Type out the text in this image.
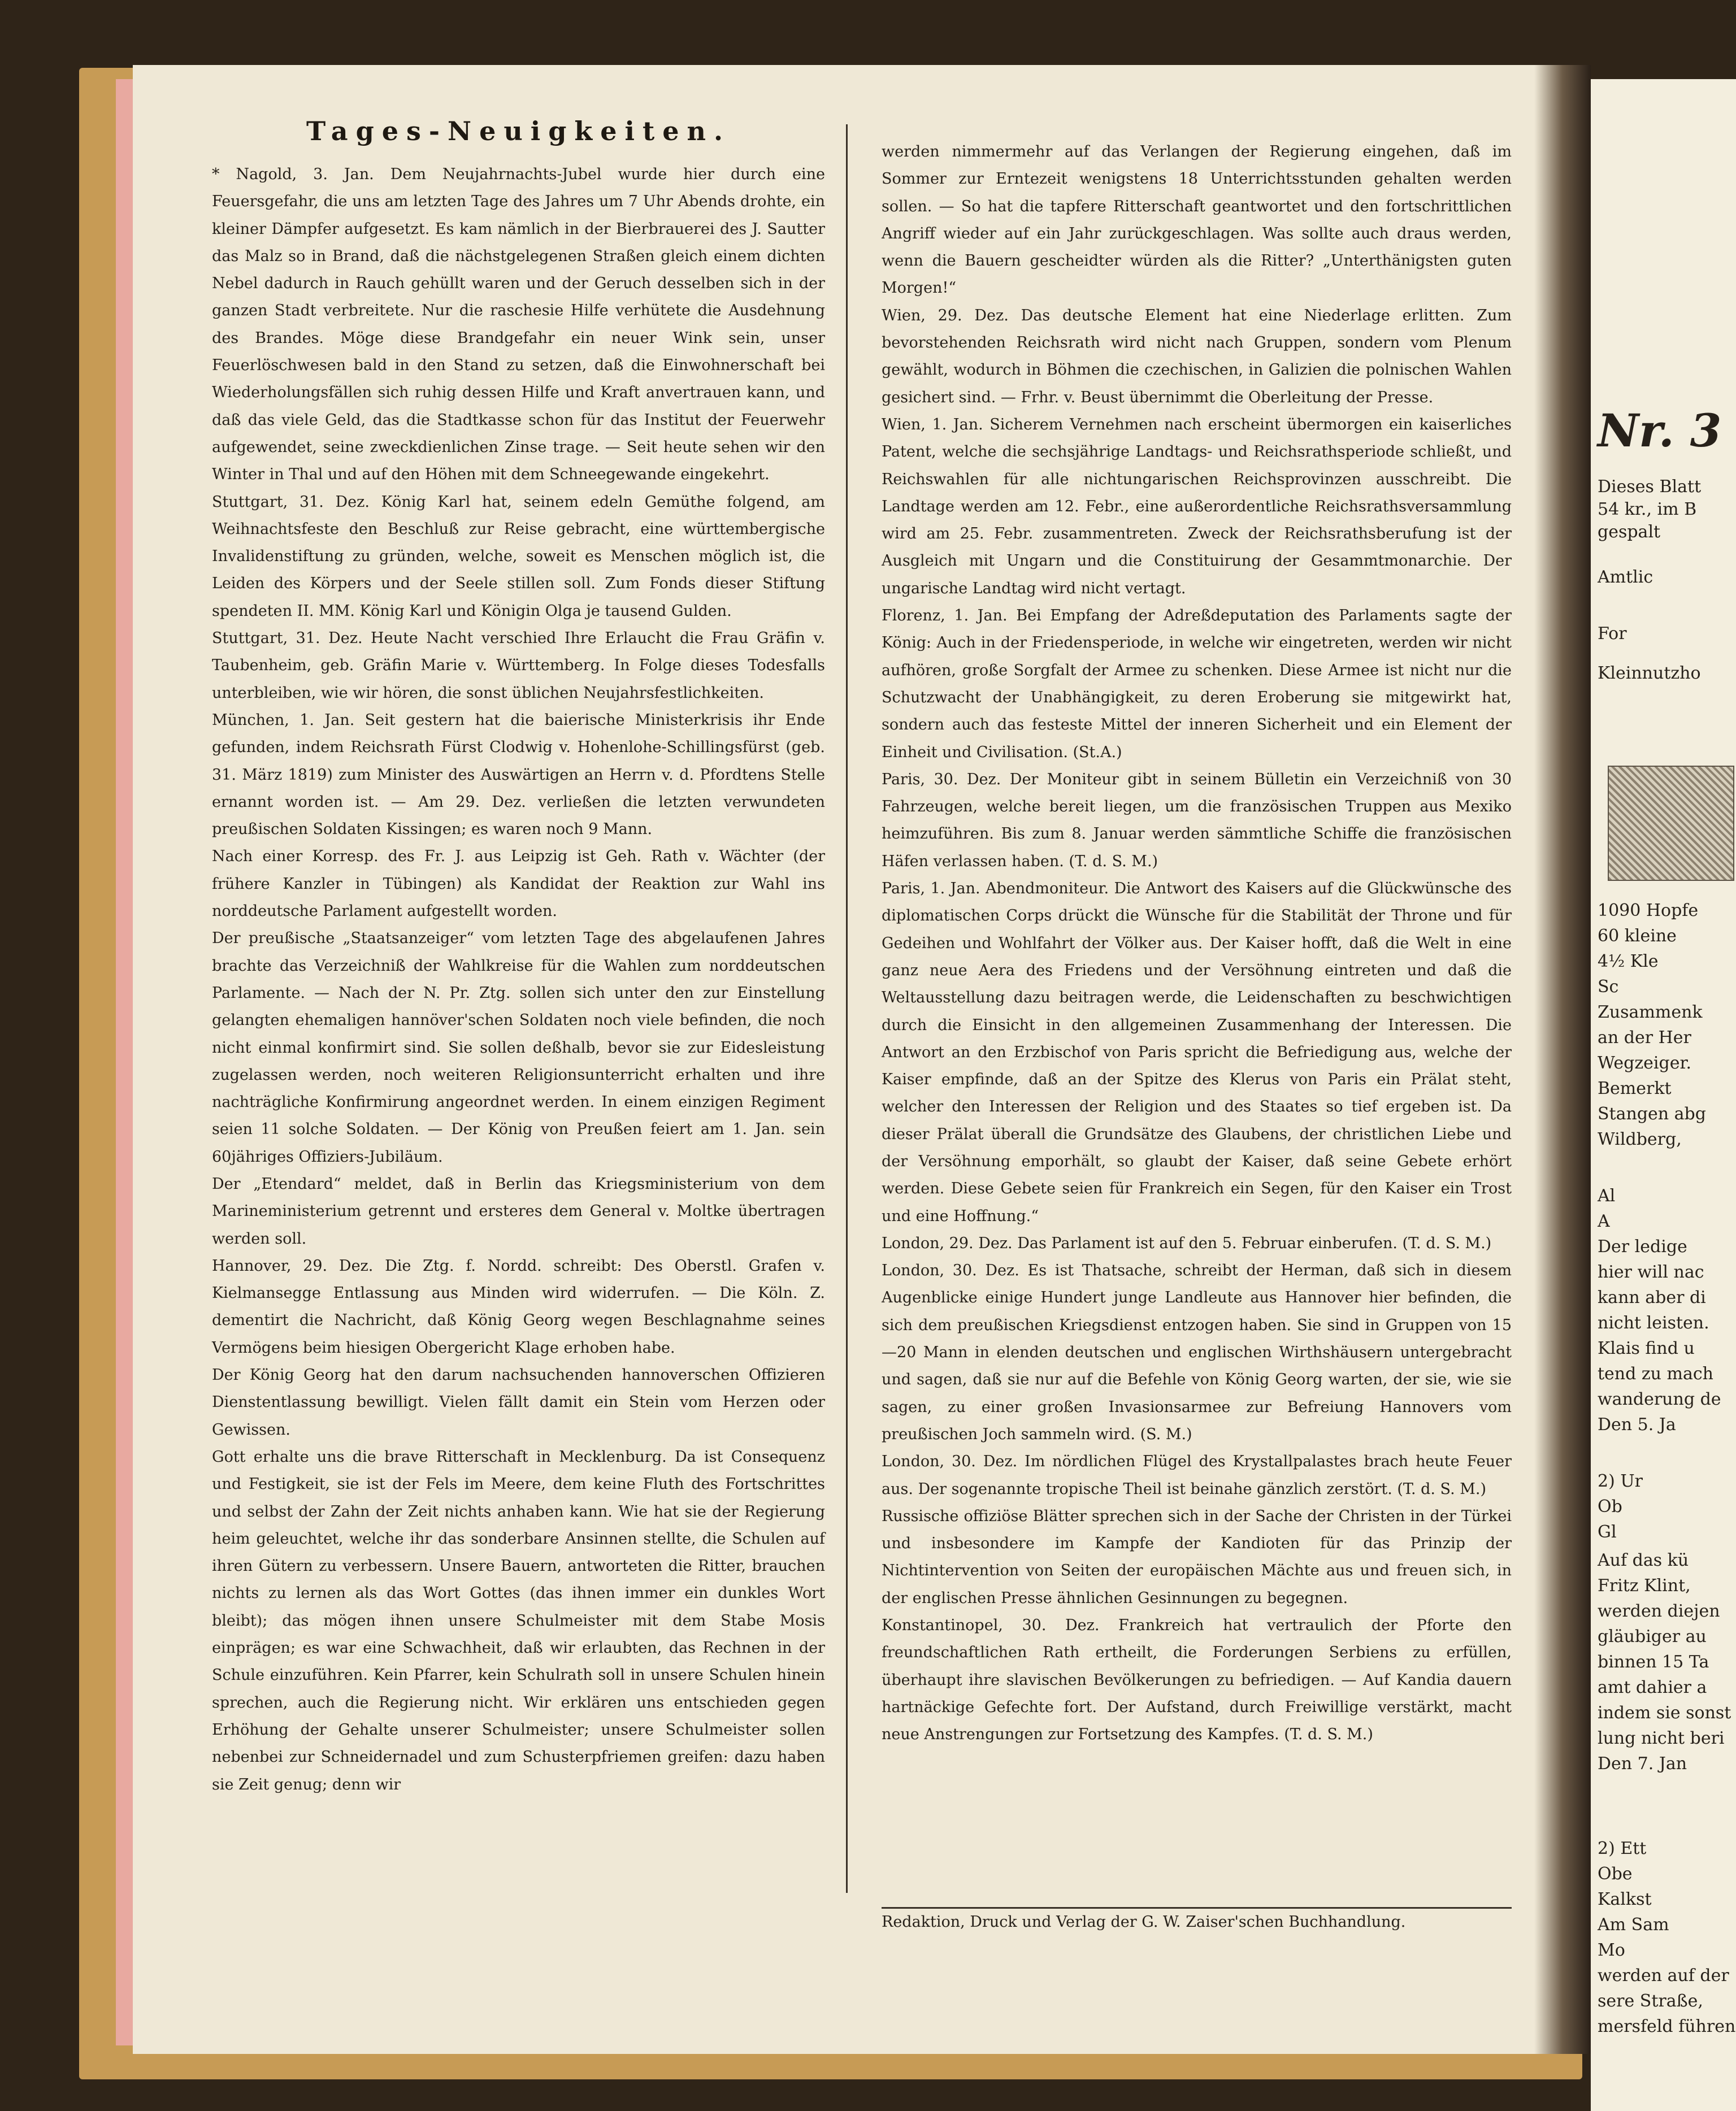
Tages-Neuigkeiten.

* Nagold, 3. Jan. Dem Neujahrnachts-Jubel wurde hier durch eine Feuersgefahr, die uns am letzten Tage des Jahres um 7 Uhr Abends drohte, ein kleiner Dämpfer aufgesetzt. Es kam nämlich in der Bierbrauerei des J. Sautter das Malz so in Brand, daß die nächstgelegenen Straßen gleich einem dichten Nebel dadurch in Rauch gehüllt waren und der Geruch desselben sich in der ganzen Stadt verbreitete. Nur die raschesie Hilfe verhütete die Ausdehnung des Brandes. Möge diese Brandgefahr ein neuer Wink sein, unser Feuerlöschwesen bald in den Stand zu setzen, daß die Einwohnerschaft bei Wiederholungsfällen sich ruhig dessen Hilfe und Kraft anvertrauen kann, und daß das viele Geld, das die Stadtkasse schon für das Institut der Feuerwehr aufgewendet, seine zweckdienlichen Zinse trage. — Seit heute sehen wir den Winter in Thal und auf den Höhen mit dem Schneegewande eingekehrt.

Stuttgart, 31. Dez. König Karl hat, seinem edeln Gemüthe folgend, am Weihnachtsfeste den Beschluß zur Reise gebracht, eine württembergische Invalidenstiftung zu gründen, welche, soweit es Menschen möglich ist, die Leiden des Körpers und der Seele stillen soll. Zum Fonds dieser Stiftung spendeten II. MM. König Karl und Königin Olga je tausend Gulden.

Stuttgart, 31. Dez. Heute Nacht verschied Ihre Erlaucht die Frau Gräfin v. Taubenheim, geb. Gräfin Marie v. Württemberg. In Folge dieses Todesfalls unterbleiben, wie wir hören, die sonst üblichen Neujahrsfestlichkeiten.

München, 1. Jan. Seit gestern hat die baierische Ministerkrisis ihr Ende gefunden, indem Reichsrath Fürst Clodwig v. Hohenlohe-Schillingsfürst (geb. 31. März 1819) zum Minister des Auswärtigen an Herrn v. d. Pfordtens Stelle ernannt worden ist. — Am 29. Dez. verließen die letzten verwundeten preußischen Soldaten Kissingen; es waren noch 9 Mann.

Nach einer Korresp. des Fr. J. aus Leipzig ist Geh. Rath v. Wächter (der frühere Kanzler in Tübingen) als Kandidat der Reaktion zur Wahl ins norddeutsche Parlament aufgestellt worden.

Der preußische „Staatsanzeiger“ vom letzten Tage des abgelaufenen Jahres brachte das Verzeichniß der Wahlkreise für die Wahlen zum norddeutschen Parlamente. — Nach der N. Pr. Ztg. sollen sich unter den zur Einstellung gelangten ehemaligen hannöver'schen Soldaten noch viele befinden, die noch nicht einmal konfirmirt sind. Sie sollen deßhalb, bevor sie zur Eidesleistung zugelassen werden, noch weiteren Religionsunterricht erhalten und ihre nachträgliche Konfirmirung angeordnet werden. In einem einzigen Regiment seien 11 solche Soldaten. — Der König von Preußen feiert am 1. Jan. sein 60jähriges Offiziers-Jubiläum.

Der „Etendard“ meldet, daß in Berlin das Kriegsministerium von dem Marineministerium getrennt und ersteres dem General v. Moltke übertragen werden soll.

Hannover, 29. Dez. Die Ztg. f. Nordd. schreibt: Des Oberstl. Grafen v. Kielmansegge Entlassung aus Minden wird widerrufen. — Die Köln. Z. dementirt die Nachricht, daß König Georg wegen Beschlagnahme seines Vermögens beim hiesigen Obergericht Klage erhoben habe.

Der König Georg hat den darum nachsuchenden hannoverschen Offizieren Dienstentlassung bewilligt. Vielen fällt damit ein Stein vom Herzen oder Gewissen.

Gott erhalte uns die brave Ritterschaft in Mecklenburg. Da ist Consequenz und Festigkeit, sie ist der Fels im Meere, dem keine Fluth des Fortschrittes und selbst der Zahn der Zeit nichts anhaben kann. Wie hat sie der Regierung heim geleuchtet, welche ihr das sonderbare Ansinnen stellte, die Schulen auf ihren Gütern zu verbessern. Unsere Bauern, antworteten die Ritter, brauchen nichts zu lernen als das Wort Gottes (das ihnen immer ein dunkles Wort bleibt); das mögen ihnen unsere Schulmeister mit dem Stabe Mosis einprägen; es war eine Schwachheit, daß wir erlaubten, das Rechnen in der Schule einzuführen. Kein Pfarrer, kein Schulrath soll in unsere Schulen hinein sprechen, auch die Regierung nicht. Wir erklären uns entschieden gegen Erhöhung der Gehalte unserer Schulmeister; unsere Schulmeister sollen nebenbei zur Schneidernadel und zum Schusterpfriemen greifen: dazu haben sie Zeit genug; denn wir

werden nimmermehr auf das Verlangen der Regierung eingehen, daß im Sommer zur Erntezeit wenigstens 18 Unterrichtsstunden gehalten werden sollen. — So hat die tapfere Ritterschaft geantwortet und den fortschrittlichen Angriff wieder auf ein Jahr zurückgeschlagen. Was sollte auch draus werden, wenn die Bauern gescheidter würden als die Ritter? „Unterthänigsten guten Morgen!“

Wien, 29. Dez. Das deutsche Element hat eine Niederlage erlitten. Zum bevorstehenden Reichsrath wird nicht nach Gruppen, sondern vom Plenum gewählt, wodurch in Böhmen die czechischen, in Galizien die polnischen Wahlen gesichert sind. — Frhr. v. Beust übernimmt die Oberleitung der Presse.

Wien, 1. Jan. Sicherem Vernehmen nach erscheint übermorgen ein kaiserliches Patent, welche die sechsjährige Landtags- und Reichsrathsperiode schließt, und Reichswahlen für alle nichtungarischen Reichsprovinzen ausschreibt. Die Landtage werden am 12. Febr., eine außerordentliche Reichsrathsversammlung wird am 25. Febr. zusammentreten. Zweck der Reichsrathsberufung ist der Ausgleich mit Ungarn und die Constituirung der Gesammtmonarchie. Der ungarische Landtag wird nicht vertagt.

Florenz, 1. Jan. Bei Empfang der Adreßdeputation des Parlaments sagte der König: Auch in der Friedensperiode, in welche wir eingetreten, werden wir nicht aufhören, große Sorgfalt der Armee zu schenken. Diese Armee ist nicht nur die Schutzwacht der Unabhängigkeit, zu deren Eroberung sie mitgewirkt hat, sondern auch das festeste Mittel der inneren Sicherheit und ein Element der Einheit und Civilisation. (St.A.)

Paris, 30. Dez. Der Moniteur gibt in seinem Bülletin ein Verzeichniß von 30 Fahrzeugen, welche bereit liegen, um die französischen Truppen aus Mexiko heimzuführen. Bis zum 8. Januar werden sämmtliche Schiffe die französischen Häfen verlassen haben. (T. d. S. M.)

Paris, 1. Jan. Abendmoniteur. Die Antwort des Kaisers auf die Glückwünsche des diplomatischen Corps drückt die Wünsche für die Stabilität der Throne und für Gedeihen und Wohlfahrt der Völker aus. Der Kaiser hofft, daß die Welt in eine ganz neue Aera des Friedens und der Versöhnung eintreten und daß die Weltausstellung dazu beitragen werde, die Leidenschaften zu beschwichtigen durch die Einsicht in den allgemeinen Zusammenhang der Interessen. Die Antwort an den Erzbischof von Paris spricht die Befriedigung aus, welche der Kaiser empfinde, daß an der Spitze des Klerus von Paris ein Prälat steht, welcher den Interessen der Religion und des Staates so tief ergeben ist. Da dieser Prälat überall die Grundsätze des Glaubens, der christlichen Liebe und der Versöhnung emporhält, so glaubt der Kaiser, daß seine Gebete erhört werden. Diese Gebete seien für Frankreich ein Segen, für den Kaiser ein Trost und eine Hoffnung.“

London, 29. Dez. Das Parlament ist auf den 5. Februar einberufen. (T. d. S. M.)

London, 30. Dez. Es ist Thatsache, schreibt der Herman, daß sich in diesem Augenblicke einige Hundert junge Landleute aus Hannover hier befinden, die sich dem preußischen Kriegsdienst entzogen haben. Sie sind in Gruppen von 15—20 Mann in elenden deutschen und englischen Wirthshäusern untergebracht und sagen, daß sie nur auf die Befehle von König Georg warten, der sie, wie sie sagen, zu einer großen Invasionsarmee zur Befreiung Hannovers vom preußischen Joch sammeln wird. (S. M.)

London, 30. Dez. Im nördlichen Flügel des Krystallpalastes brach heute Feuer aus. Der sogenannte tropische Theil ist beinahe gänzlich zerstört. (T. d. S. M.)

Russische offiziöse Blätter sprechen sich in der Sache der Christen in der Türkei und insbesondere im Kampfe der Kandioten für das Prinzip der Nichtintervention von Seiten der europäischen Mächte aus und freuen sich, in der englischen Presse ähnlichen Gesinnungen zu begegnen.

Konstantinopel, 30. Dez. Frankreich hat vertraulich der Pforte den freundschaftlichen Rath ertheilt, die Forderungen Serbiens zu erfüllen, überhaupt ihre slavischen Bevölkerungen zu befriedigen. — Auf Kandia dauern hartnäckige Gefechte fort. Der Aufstand, durch Freiwillige verstärkt, macht neue Anstrengungen zur Fortsetzung des Kampfes. (T. d. S. M.)

Redaktion, Druck und Verlag der G. W. Zaiser'schen Buchhandlung.
Nr. 3
Dieses Blatt
54 kr., im B
gespalt
Amtlic
For
Kleinnutzho
1090 Hopfe
60 kleine
4½ Kle
Sc
Zusammenk
an der Her
Wegzeiger.
Bemerkt
Stangen abg
Wildberg,
Al
A
Der ledige
hier will nac
kann aber di
nicht leisten.
Klais find u
tend zu mach
wanderung de
Den 5. Ja
2) Ur
Ob
Gl
Auf das kü
Fritz Klint,
werden diejen
gläubiger au
binnen 15 Ta
amt dahier a
indem sie sonst
lung nicht beri
Den 7. Jan
2) Ett
Obe
Kalkst
Am Sam
Mo
werden auf der
sere Straße,
mersfeld führen
